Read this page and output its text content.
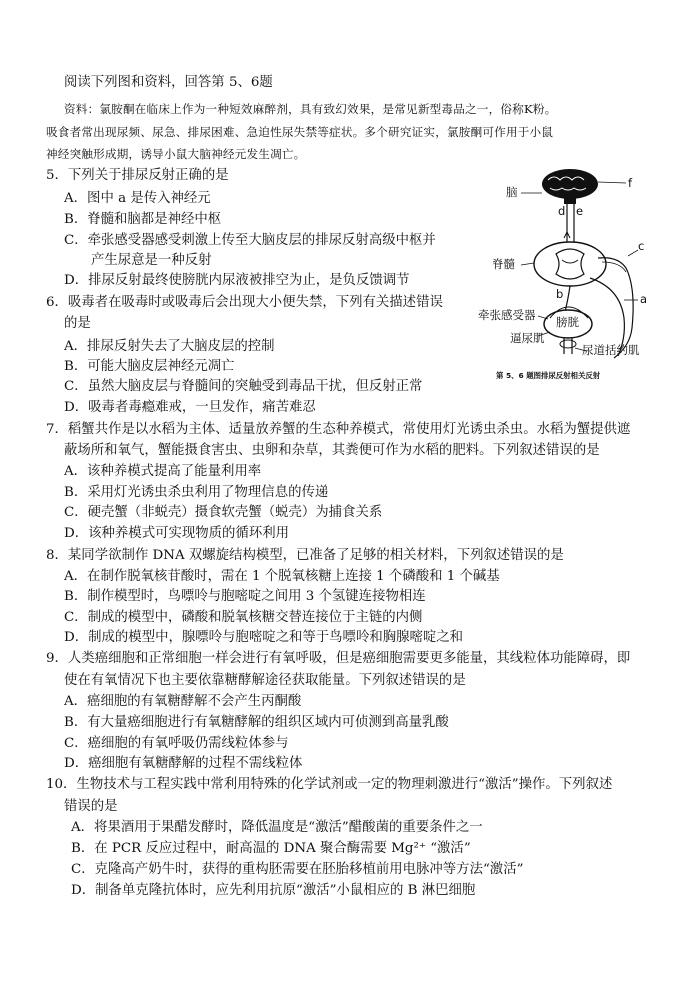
阅读下列图和资料，回答第 5、6题
资料：氯胺酮在临床上作为一种短效麻醉剂，具有致幻效果，是常见新型毒品之一，俗称K粉。
吸食者常出现尿频、尿急、排尿困难、急迫性尿失禁等症状。多个研究证实，氯胺酮可作用于小鼠
神经突触形成期，诱导小鼠大脑神经元发生凋亡。
5．下列关于排尿反射正确的是
A．图中 a 是传入神经元
B．脊髓和脑都是神经中枢
C．牵张感受器感受刺激上传至大脑皮层的排尿反射高级中枢并
产生尿意是一种反射
D．排尿反射最终使膀胱内尿液被排空为止，是负反馈调节
6．吸毒者在吸毒时或吸毒后会出现大小便失禁，下列有关描述错误
的是
A．排尿反射失去了大脑皮层的控制
B．可能大脑皮层神经元凋亡
C．虽然大脑皮层与脊髓间的突触受到毒品干扰，但反射正常
D．吸毒者毒瘾难戒，一旦发作，痛苦难忍
7．稻蟹共作是以水稻为主体、适量放养蟹的生态种养模式，常使用灯光诱虫杀虫。水稻为蟹提供遮
蔽场所和氧气，蟹能摄食害虫、虫卵和杂草，其粪便可作为水稻的肥料。下列叙述错误的是
A．该种养模式提高了能量利用率
B．采用灯光诱虫杀虫利用了物理信息的传递
C．硬壳蟹（非蜕壳）摄食软壳蟹（蜕壳）为捕食关系
D．该种养模式可实现物质的循环利用
8．某同学欲制作 DNA 双螺旋结构模型，已准备了足够的相关材料，下列叙述错误的是
A．在制作脱氧核苷酸时，需在 1 个脱氧核糖上连接 1 个磷酸和 1 个碱基
B．制作模型时，鸟嘌呤与胞嘧啶之间用 3 个氢键连接物相连
C．制成的模型中，磷酸和脱氧核糖交替连接位于主链的内侧
D．制成的模型中，腺嘌呤与胞嘧啶之和等于鸟嘌呤和胸腺嘧啶之和
9．人类癌细胞和正常细胞一样会进行有氧呼吸，但是癌细胞需要更多能量，其线粒体功能障碍，即
使在有氧情况下也主要依靠糖酵解途径获取能量。下列叙述错误的是
A．癌细胞的有氧糖酵解不会产生丙酮酸
B．有大量癌细胞进行有氧糖酵解的组织区域内可侦测到高量乳酸
C．癌细胞的有氧呼吸仍需线粒体参与
D．癌细胞有氧糖酵解的过程不需线粒体
10．生物技术与工程实践中常利用特殊的化学试剂或一定的物理刺激进行“激活”操作。下列叙述
错误的是
A．将果酒用于果醋发酵时，降低温度是“激活”醋酸菌的重要条件之一
B．在 PCR 反应过程中，耐高温的 DNA 聚合酶需要 Mg²⁺ “激活”
C．克隆高产奶牛时，获得的重构胚需要在胚胎移植前用电脉冲等方法“激活”
D．制备单克隆抗体时，应先利用抗原“激活”小鼠相应的 B 淋巴细胞
脑
f
d e
c
脊髓
b	a
牵张感受器 膀胱
逼尿肌
尿道括约肌
第 5、6 题图排尿反射相关反射
